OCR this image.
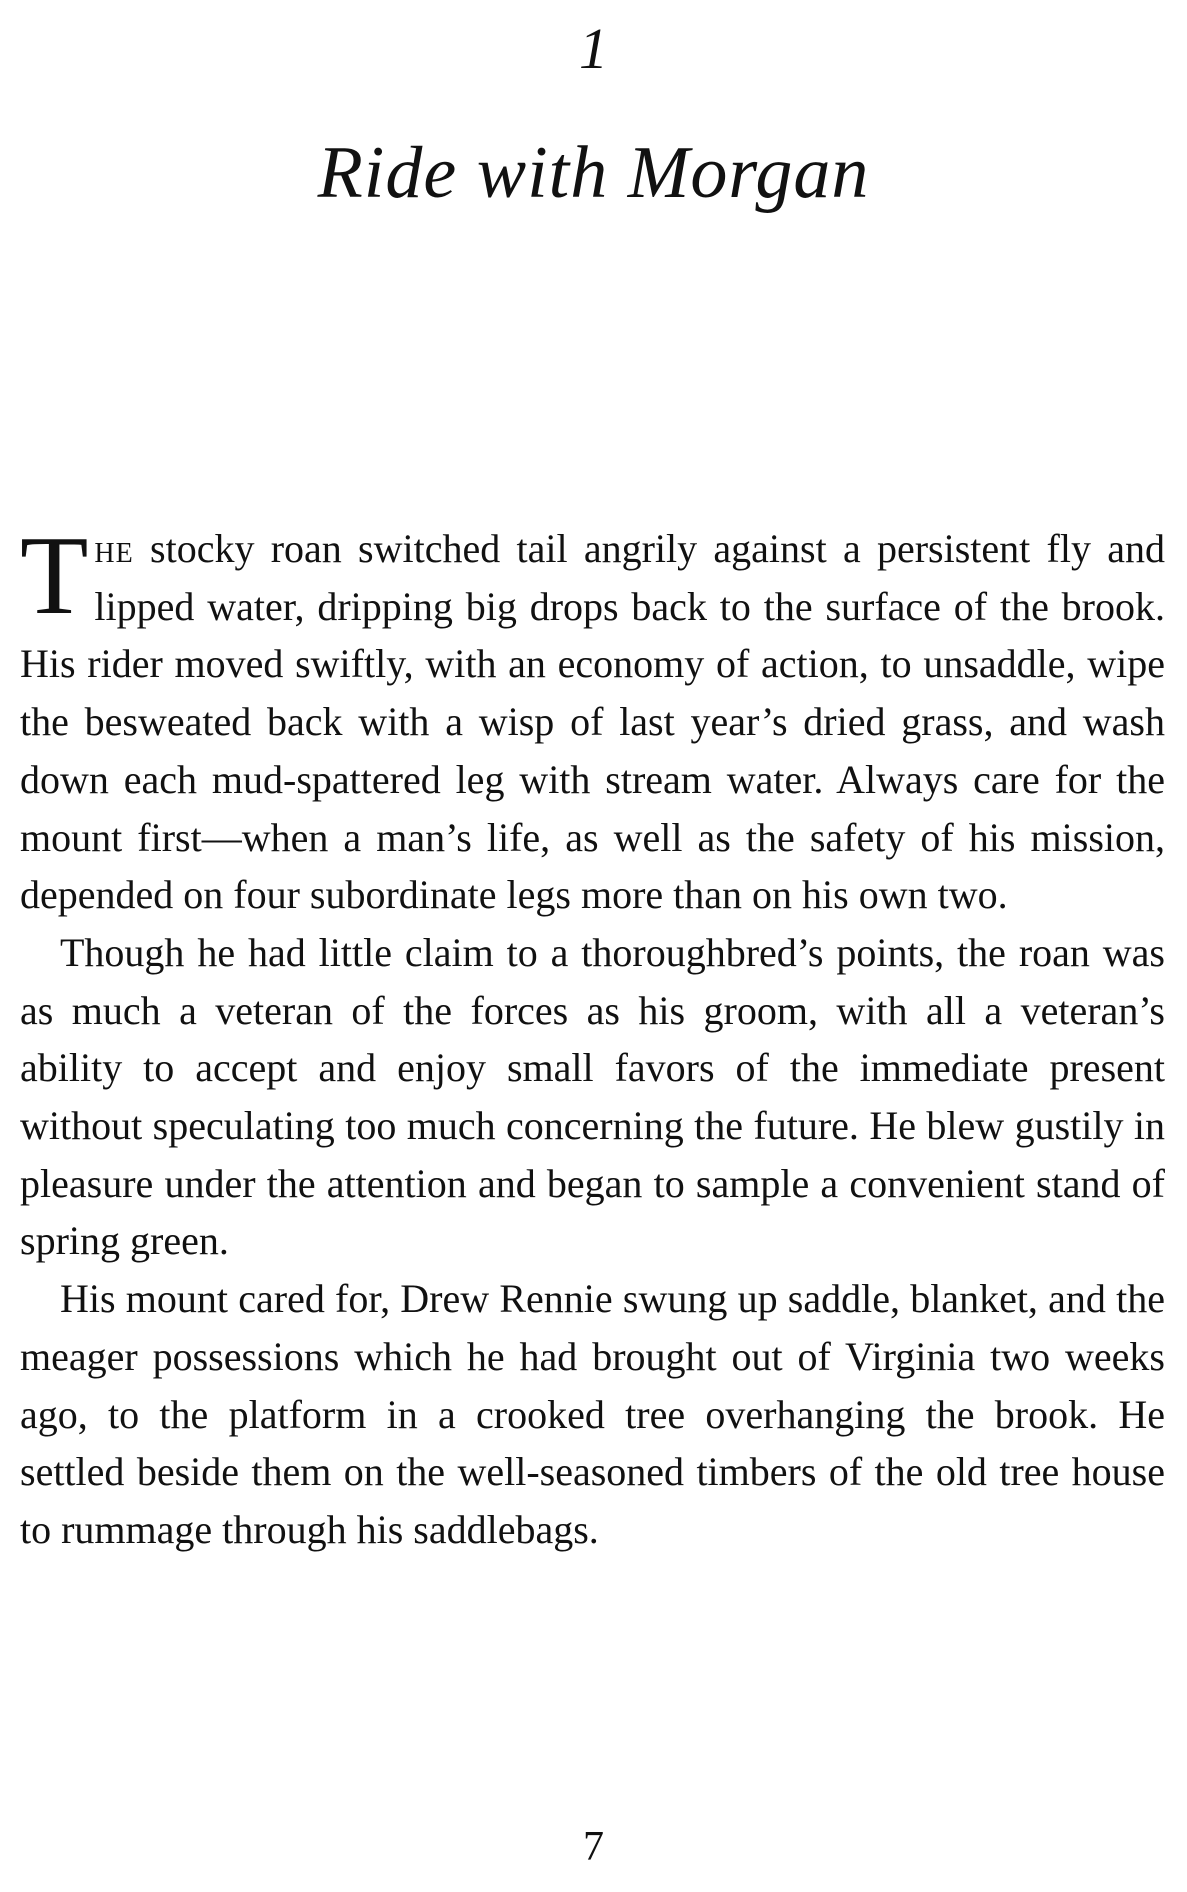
1
Ride with Morgan

The stocky roan switched tail angrily against a persistent fly and lipped water, dripping big drops back to the surface of the brook. His rider moved swiftly, with an economy of action, to unsaddle, wipe the besweated back with a wisp of last year’s dried grass, and wash down each mud-spattered leg with stream water. Always care for the mount first—when a man’s life, as well as the safety of his mission, depended on four subordinate legs more than on his own two.

Though he had little claim to a thoroughbred’s points, the roan was as much a veteran of the forces as his groom, with all a veteran’s ability to accept and enjoy small favors of the immediate present without speculating too much concerning the future. He blew gustily in pleasure under the attention and began to sample a convenient stand of spring green.

His mount cared for, Drew Rennie swung up saddle, blanket, and the meager possessions which he had brought out of Virginia two weeks ago, to the platform in a crooked tree overhanging the brook. He settled beside them on the well-seasoned timbers of the old tree house to rummage through his saddlebags.

7
